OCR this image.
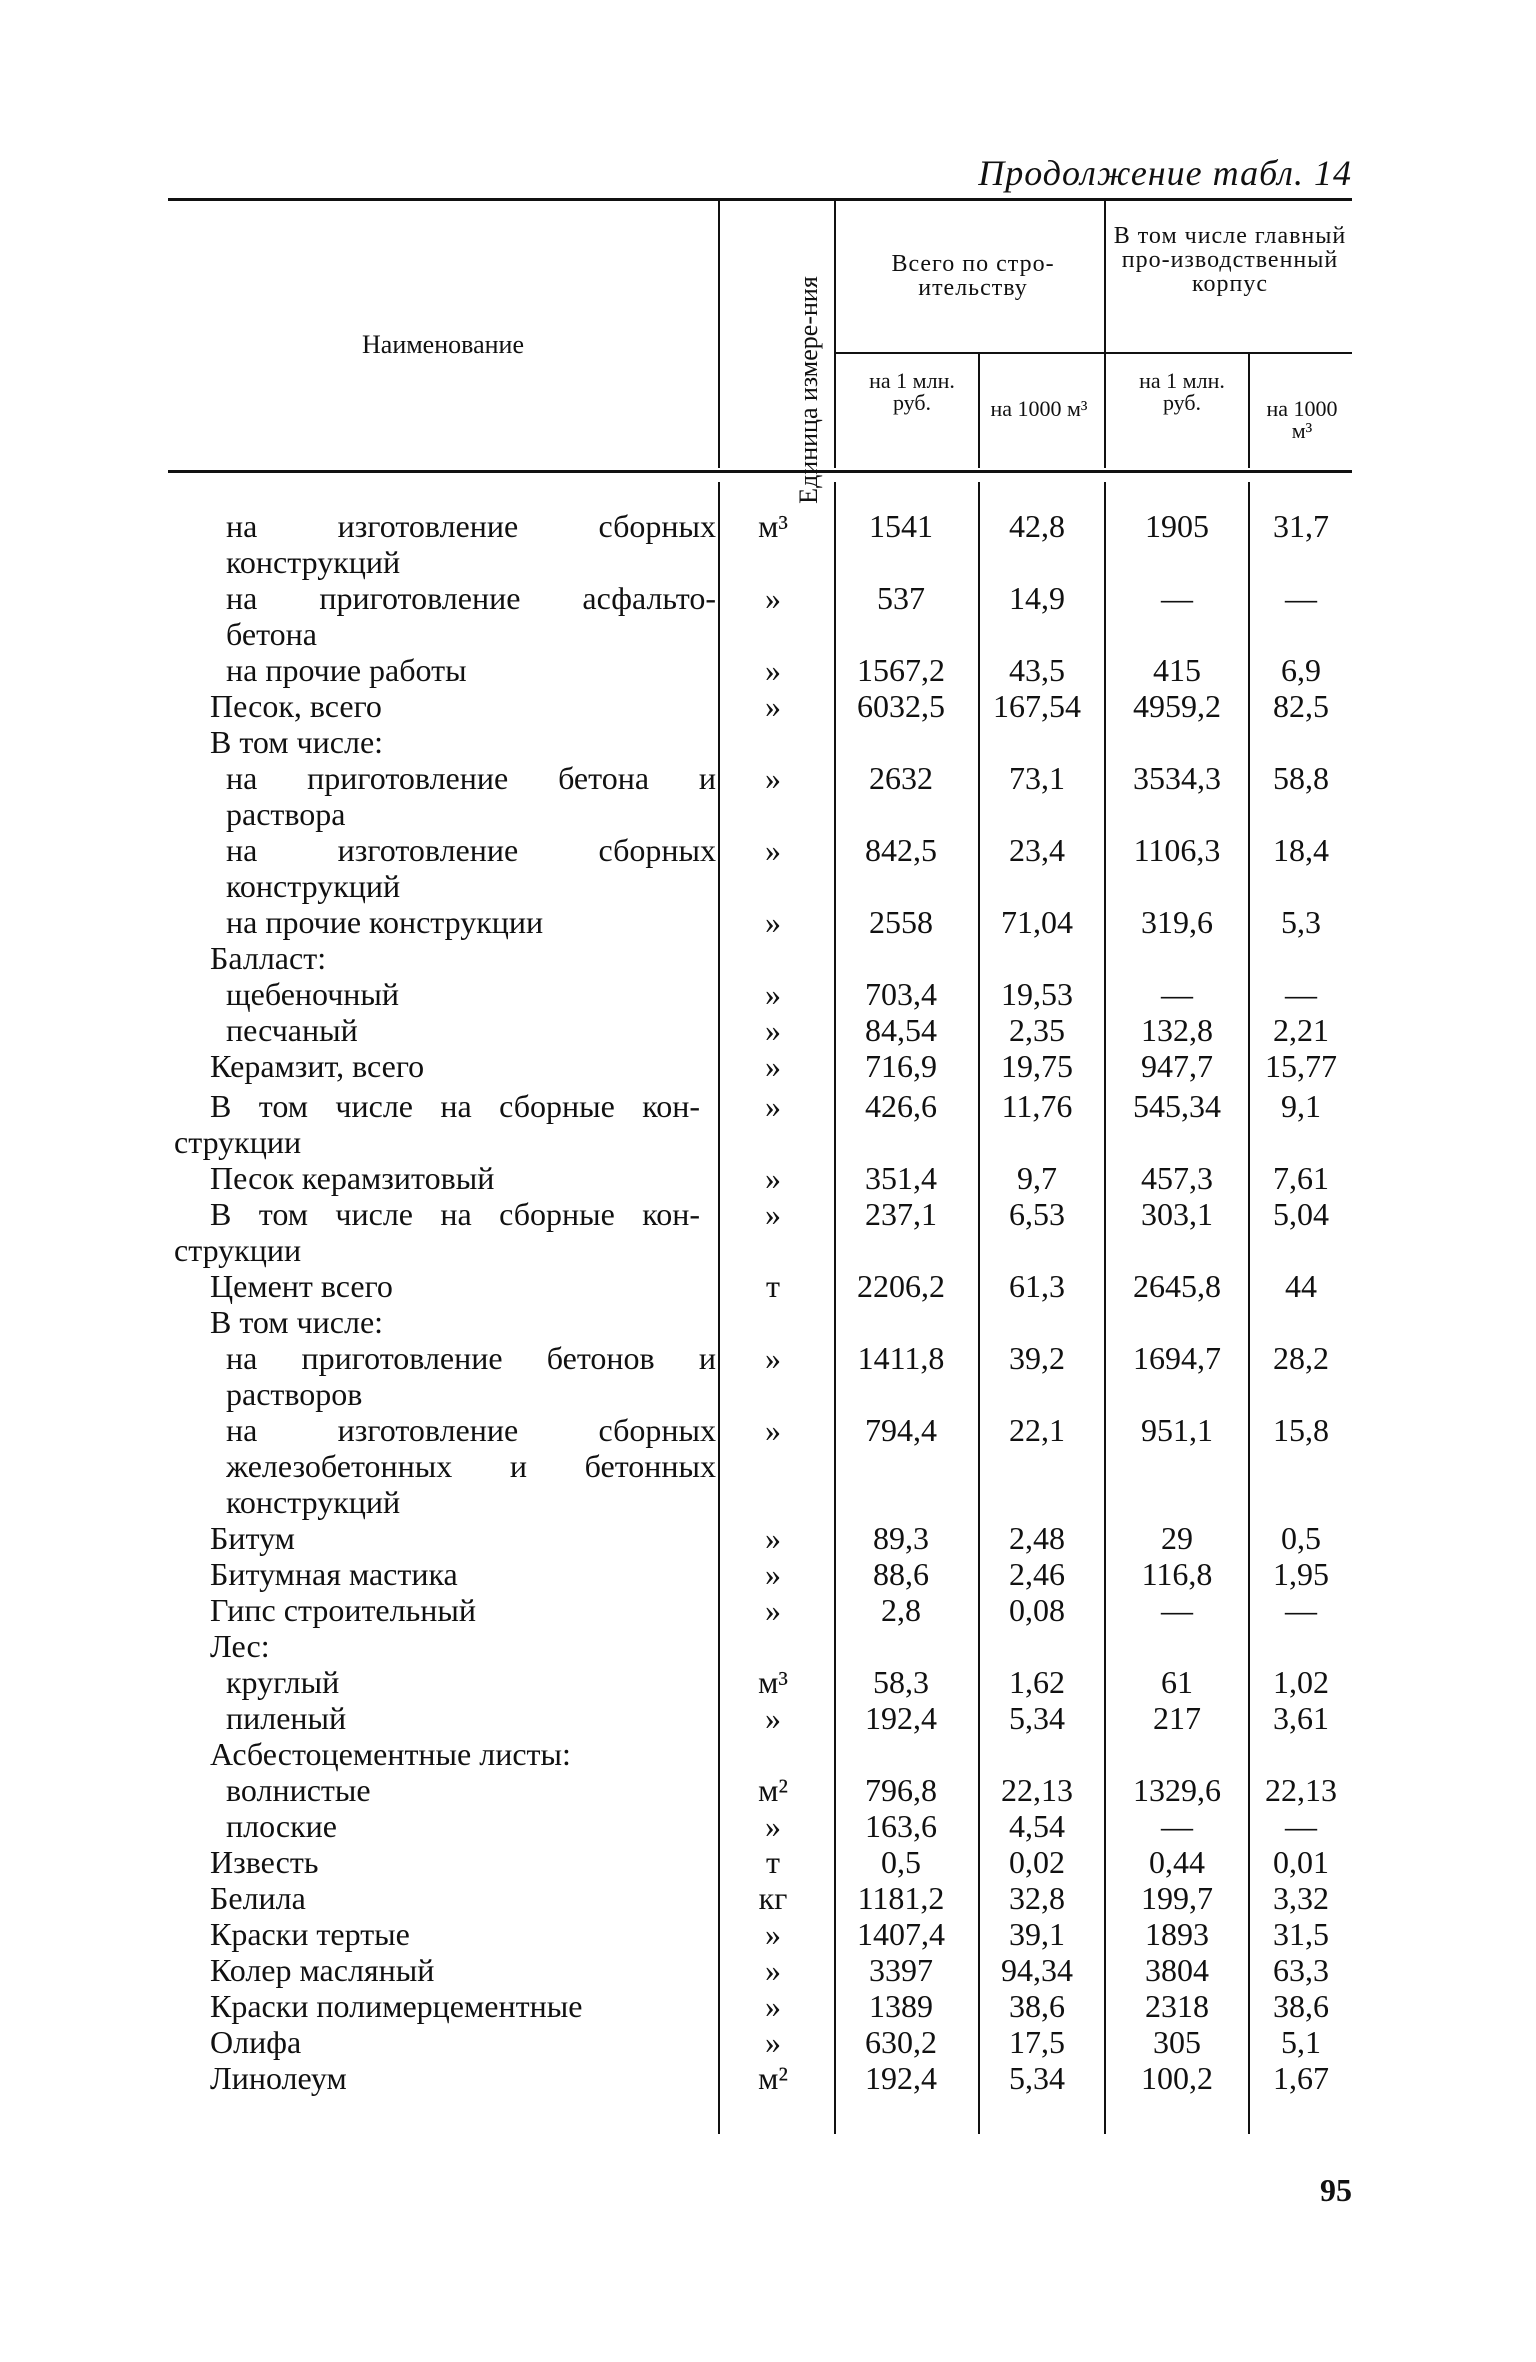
Продолжение табл. 14
Наименование	Единица измере-ния
Всего по стро-ительству
В том числе главный про-изводственный корпус
на 1 млн. руб.	на 1000 м³
на 1 млн. руб.	на 1000 м³
на изготовление сборных	м³	1541	42,8	1905	31,7
конструкций
на приготовление асфальто-	»	537	14,9	—	—
бетона
на прочие работы	»	1567,2	43,5	415	6,9
Песок, всего	»	6032,5	167,54	4959,2	82,5
В том числе:
на приготовление бетона и	»	2632	73,1	3534,3	58,8
раствора
на изготовление сборных	»	842,5	23,4	1106,3	18,4
конструкций
на прочие конструкции	»	2558	71,04	319,6	5,3
Балласт:
щебеночный	»	703,4	19,53	—	—
песчаный	»	84,54	2,35	132,8	2,21
Керамзит, всего	»	716,9	19,75	947,7	15,77
В том числе на сборные кон-	»	426,6	11,76	545,34	9,1
струкции
Песок керамзитовый	»	351,4	9,7	457,3	7,61
В том числе на сборные кон-	»	237,1	6,53	303,1	5,04
струкции
Цемент всего	т	2206,2	61,3	2645,8	44
В том числе:
на приготовление бетонов и	»	1411,8	39,2	1694,7	28,2
растворов
на изготовление сборных	»	794,4	22,1	951,1	15,8
железобетонных и бетонных
конструкций
Битум	»	89,3	2,48	29	0,5
Битумная мастика	»	88,6	2,46	116,8	1,95
Гипс строительный	»	2,8	0,08	—	—
Лес:
круглый	м³	58,3	1,62	61	1,02
пиленый	»	192,4	5,34	217	3,61
Асбестоцементные листы:
волнистые	м²	796,8	22,13	1329,6	22,13
плоские	»	163,6	4,54	—	—
Известь	т	0,5	0,02	0,44	0,01
Белила	кг	1181,2	32,8	199,7	3,32
Краски тертые	»	1407,4	39,1	1893	31,5
Колер масляный	»	3397	94,34	3804	63,3
Краски полимерцементные	»	1389	38,6	2318	38,6
Олифа	»	630,2	17,5	305	5,1
Линолеум	м²	192,4	5,34	100,2	1,67
95
